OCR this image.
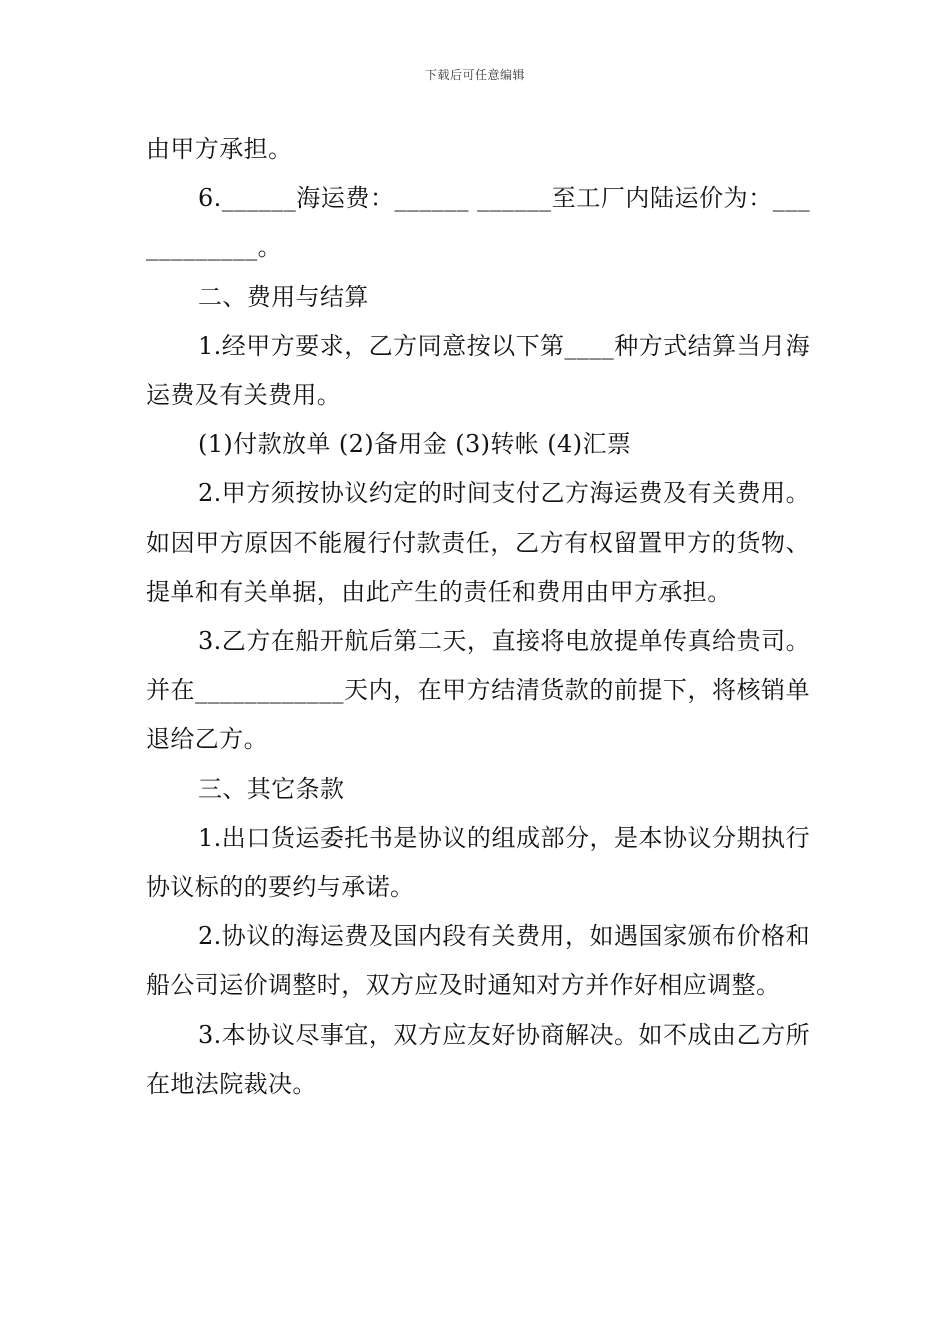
下载后可任意编辑

由甲方承担。

6.______海运费：______ ______至工厂内陆运价为：____________。

二、费用与结算

1.经甲方要求，乙方同意按以下第____种方式结算当月海运费及有关费用。

(1)付款放单 (2)备用金 (3)转帐 (4)汇票

2.甲方须按协议约定的时间支付乙方海运费及有关费用。如因甲方原因不能履行付款责任，乙方有权留置甲方的货物、提单和有关单据，由此产生的责任和费用由甲方承担。

3.乙方在船开航后第二天，直接将电放提单传真给贵司。并在____________天内，在甲方结清货款的前提下，将核销单退给乙方。

三、其它条款

1.出口货运委托书是协议的组成部分，是本协议分期执行协议标的的要约与承诺。

2.协议的海运费及国内段有关费用，如遇国家颁布价格和船公司运价调整时，双方应及时通知对方并作好相应调整。

3.本协议尽事宜，双方应友好协商解决。如不成由乙方所在地法院裁决。
